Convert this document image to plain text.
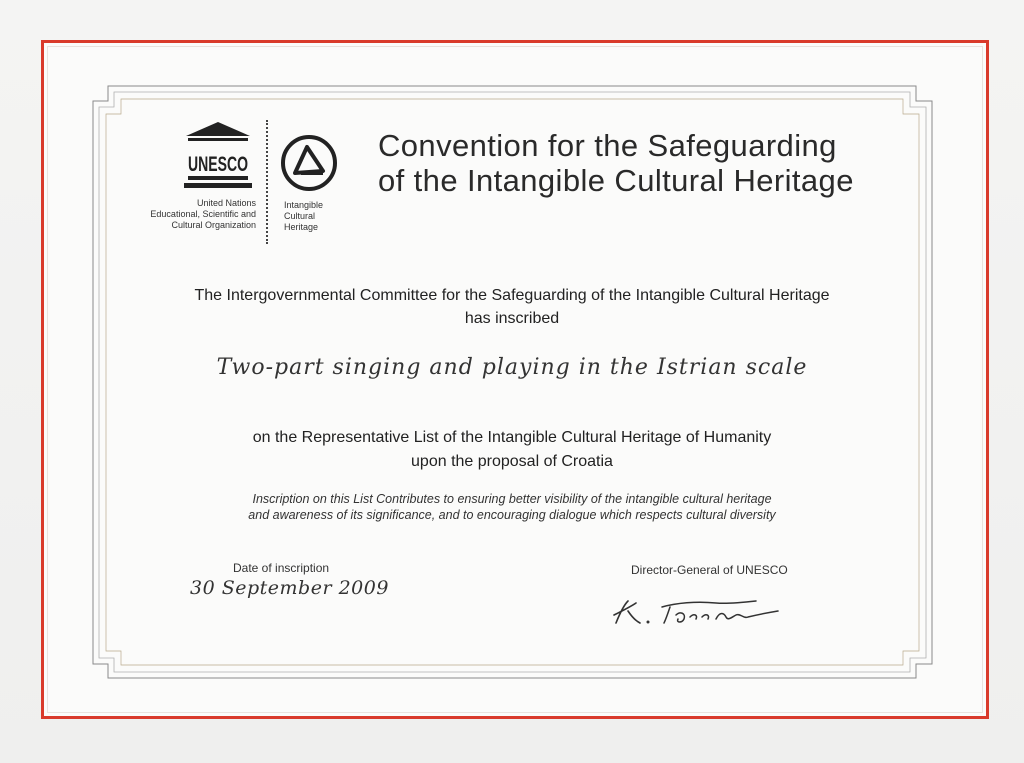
UNESCO
United Nations
Educational, Scientific and
Cultural Organization
Intangible
Cultural
Heritage
Convention for the Safeguarding
of the Intangible Cultural Heritage
The Intergovernmental Committee for the Safeguarding of the Intangible Cultural Heritage
has inscribed
Two-part singing and playing in the Istrian scale
on the Representative List of the Intangible Cultural Heritage of Humanity
upon the proposal of Croatia
Inscription on this List Contributes to ensuring better visibility of the intangible cultural heritage
and awareness of its significance, and to encouraging dialogue which respects cultural diversity
Date of inscription
30 September 2009
Director-General of UNESCO
